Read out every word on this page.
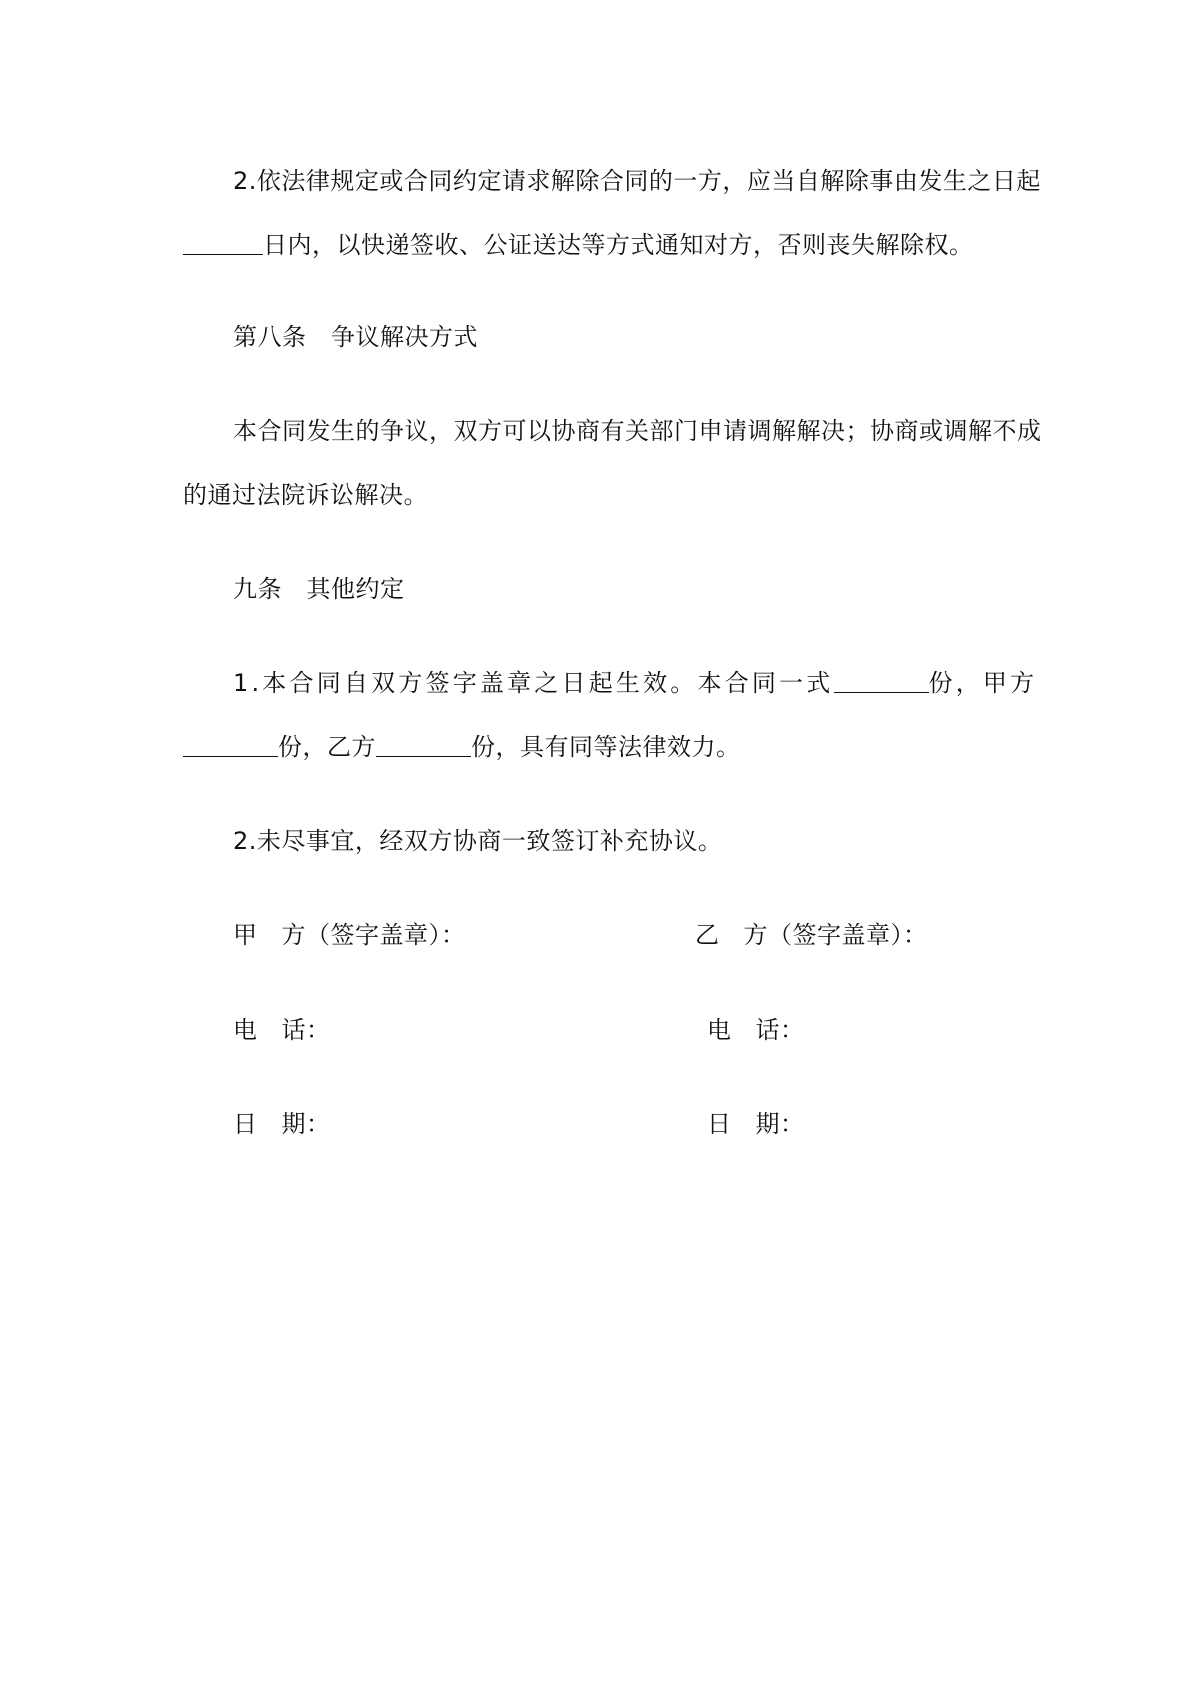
2.依法律规定或合同约定请求解除合同的一方，应当自解除事由发生之日起
日内，以快递签收、公证送达等方式通知对方，否则丧失解除权。
第八条　争议解决方式
本合同发生的争议，双方可以协商有关部门申请调解解决；协商或调解不成
的通过法院诉讼解决。
九条　其他约定
1.本合同自双方签字盖章之日起生效。本合同一式	份，甲方
份，乙方	份，具有同等法律效力。
2.未尽事宜，经双方协商一致签订补充协议。
甲 方（签字盖章）：
电 话：
日 期：
乙 方（签字盖章）：
电 话：
日 期：
